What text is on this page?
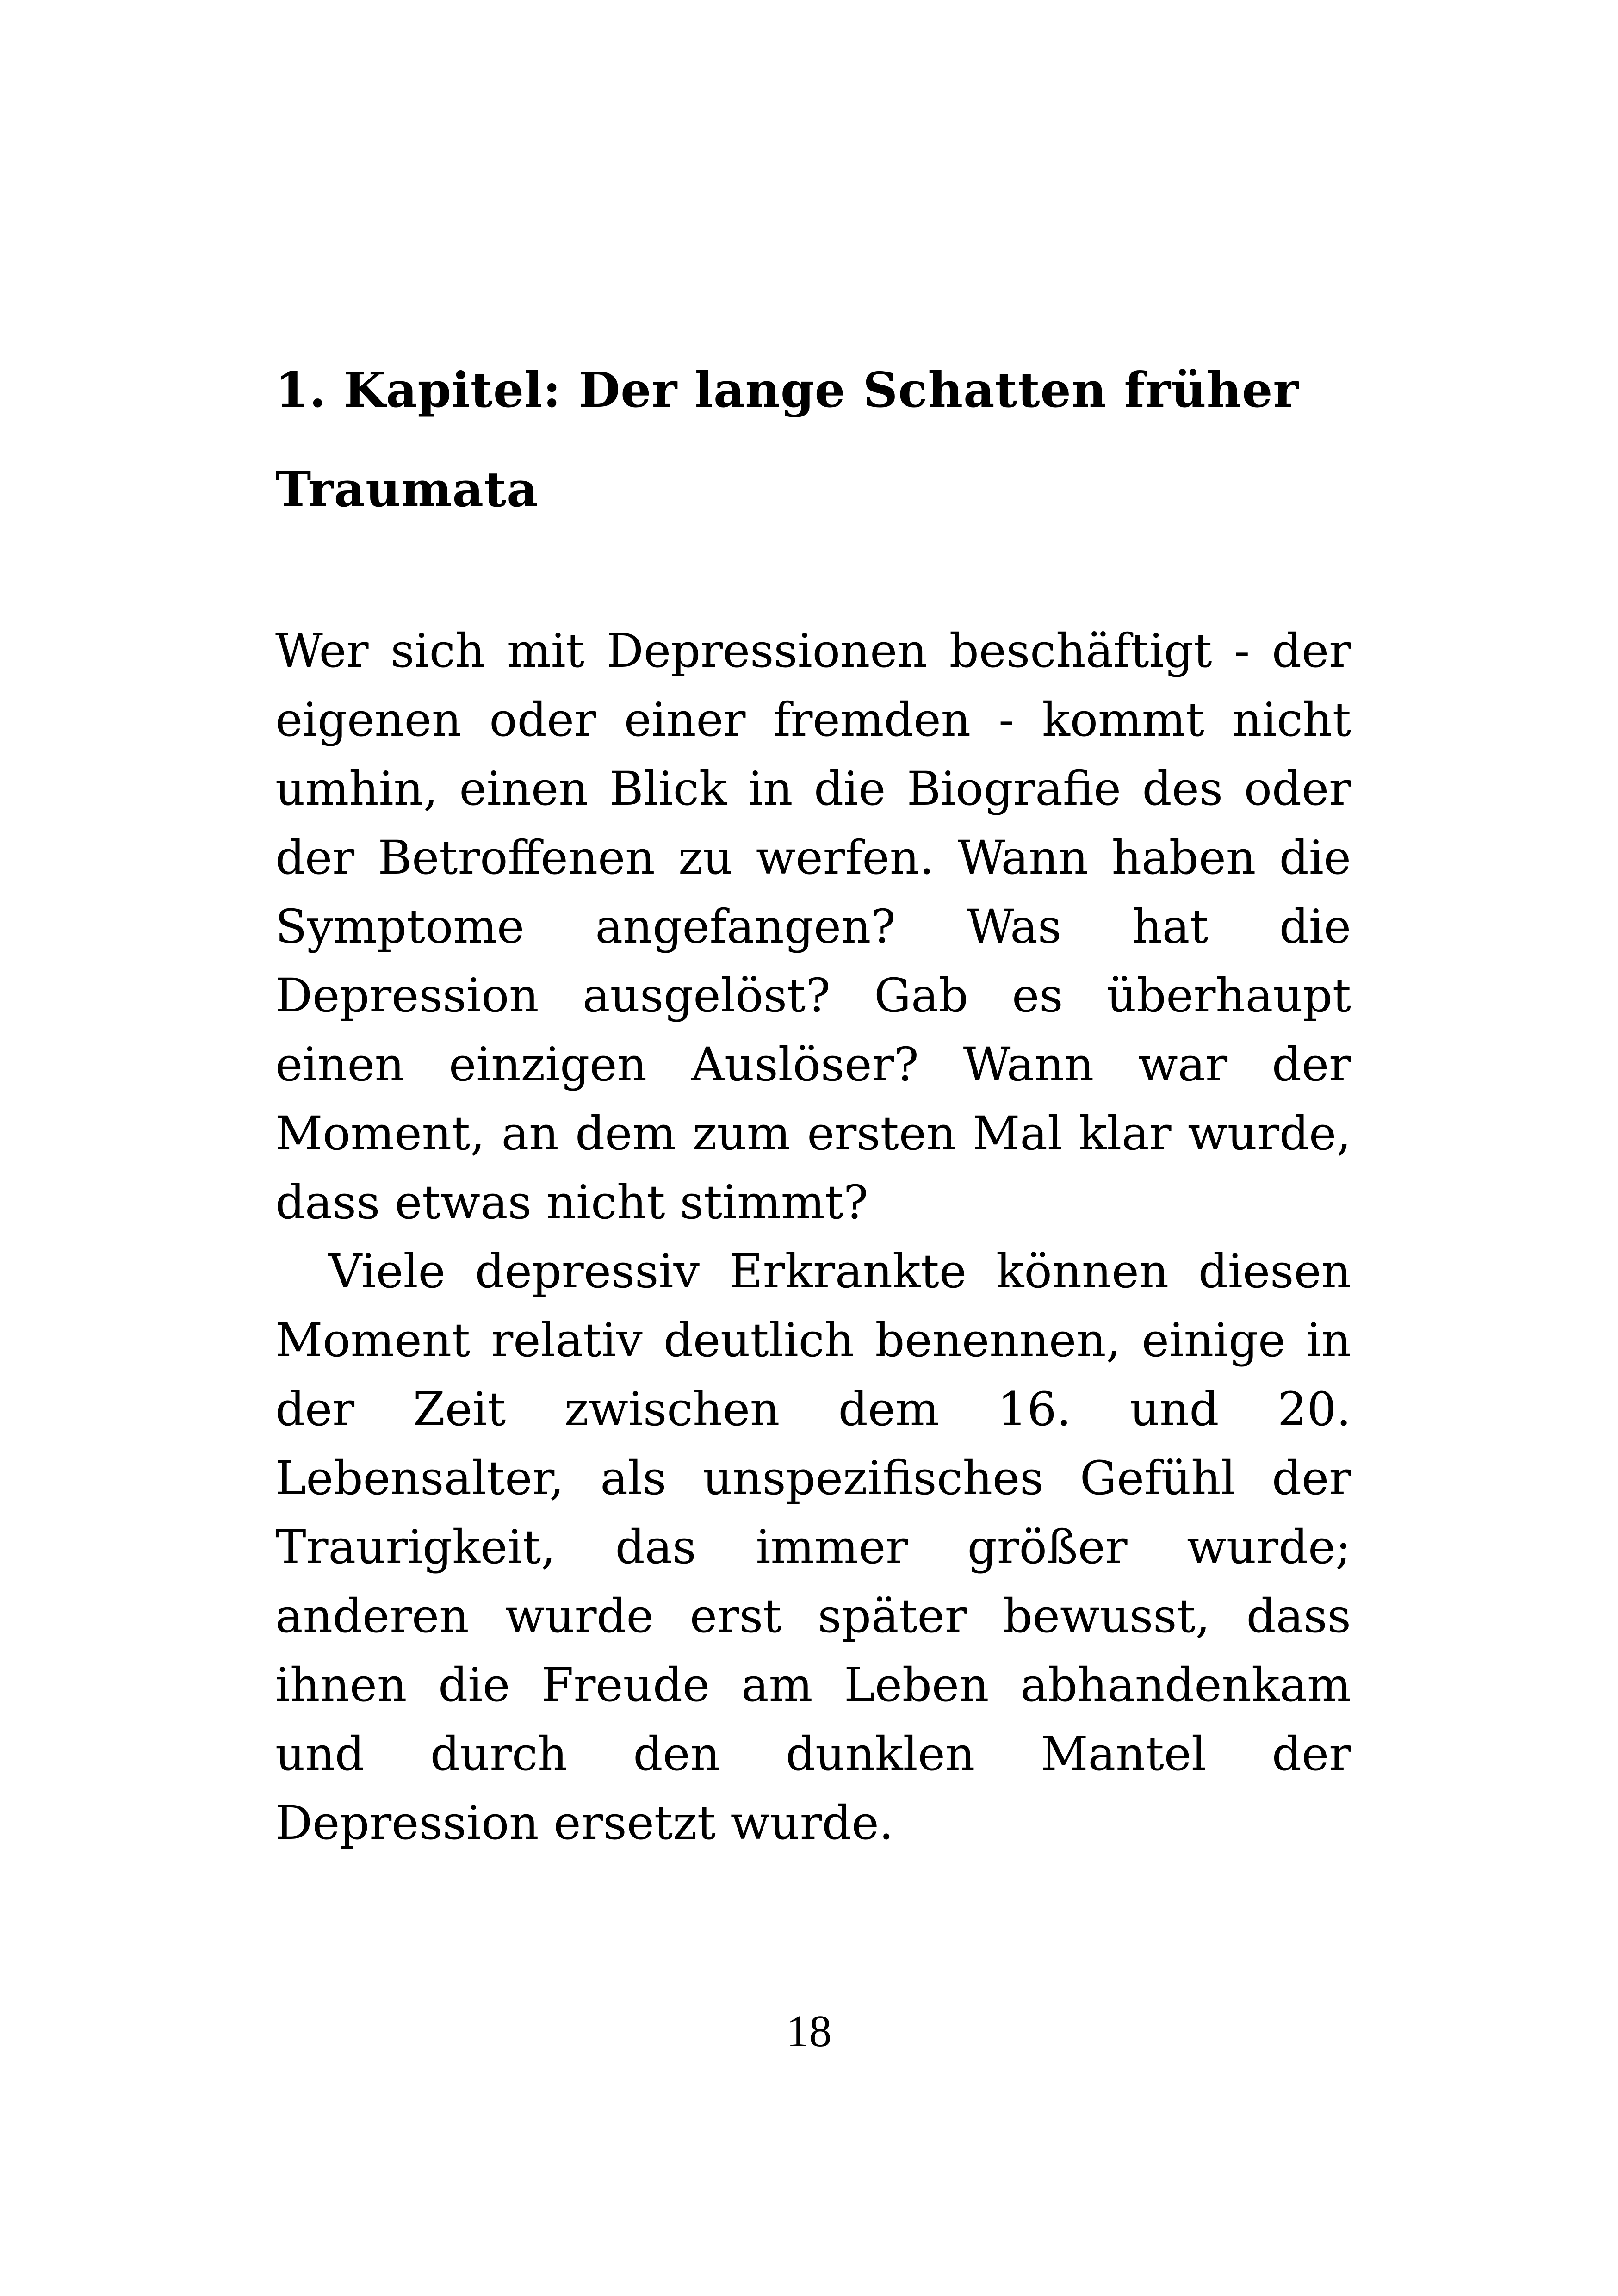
1. Kapitel: Der lange Schatten früher
Traumata

Wer sich mit Depressionen beschäftigt - der eigenen oder einer fremden - kommt nicht umhin, einen Blick in die Biografie des oder der Betroffenen zu werfen. Wann haben die Symptome angefangen? Was hat die Depression ausgelöst? Gab es überhaupt einen einzigen Auslöser? Wann war der Moment, an dem zum ersten Mal klar wurde, dass etwas nicht stimmt?

Viele depressiv Erkrankte können diesen Moment relativ deutlich benennen, einige in der Zeit zwischen dem 16. und 20. Lebensalter, als unspezifisches Gefühl der Traurigkeit, das immer größer wurde; anderen wurde erst später bewusst, dass ihnen die Freude am Leben abhandenkam und durch den dunklen Mantel der Depression ersetzt wurde.

18
